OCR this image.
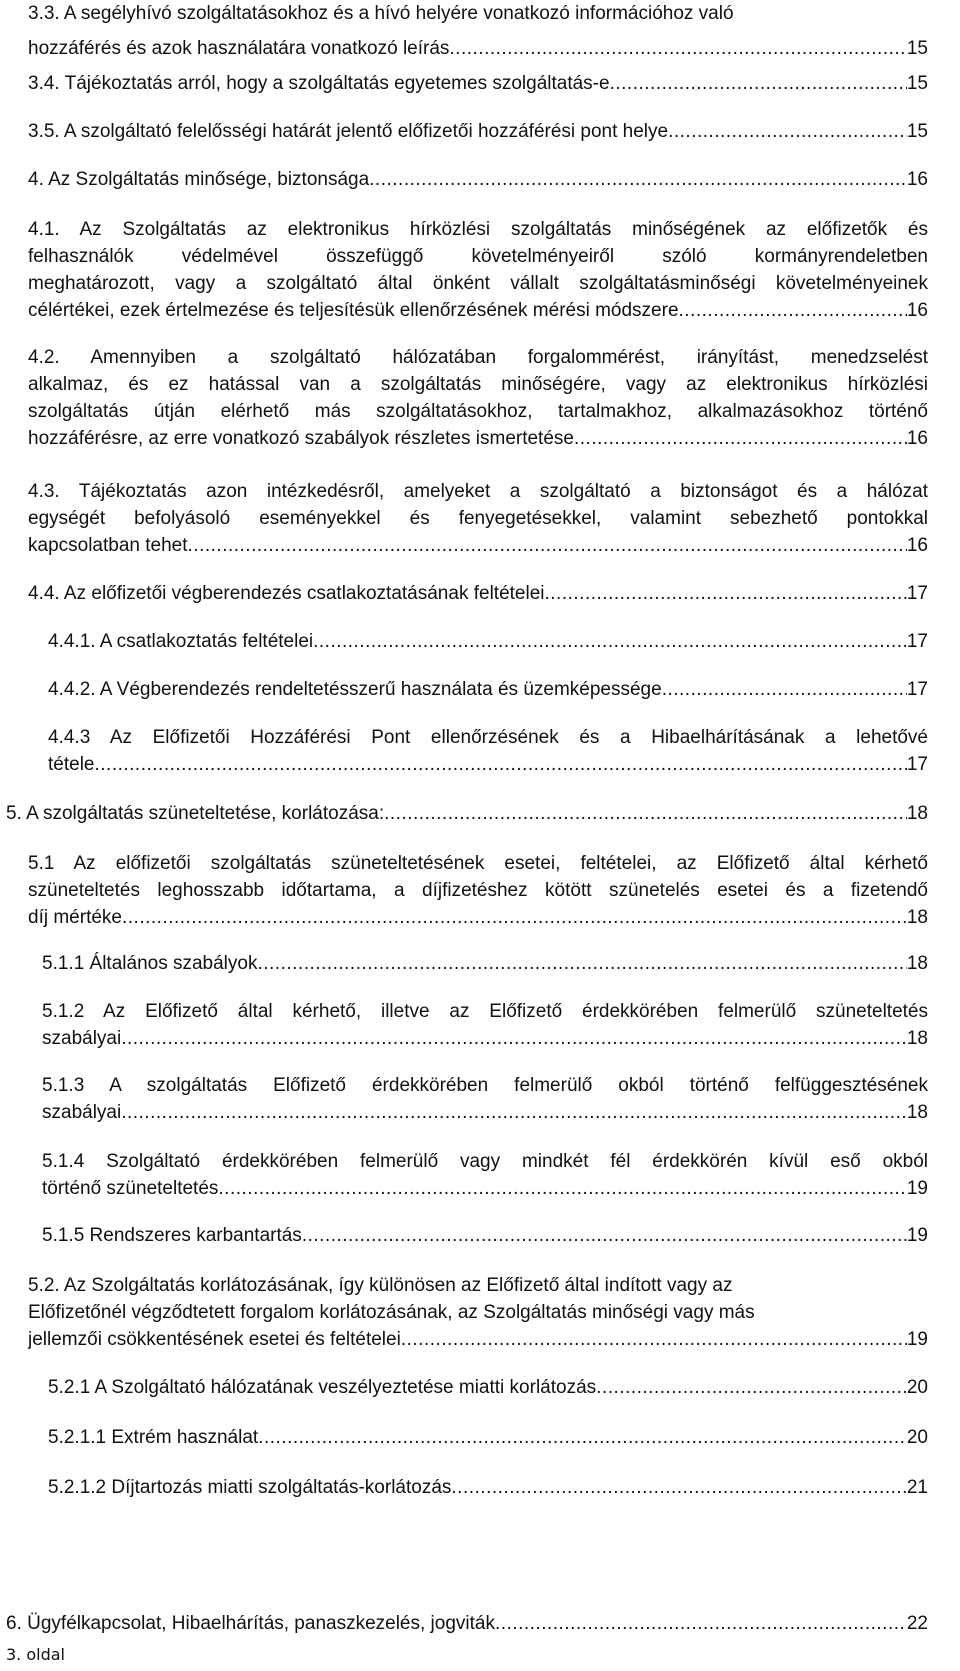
3.3. A segélyhívó szolgáltatásokhoz és a hívó helyére vonatkozó információhoz való
hozzáférés és azok használatára vonatkozó leírás .....	15
3.4. Tájékoztatás arról, hogy a szolgáltatás egyetemes szolgáltatás-e .....	15
3.5. A szolgáltató felelősségi határát jelentő előfizetői hozzáférési pont helye .....	15
4. Az Szolgáltatás minősége, biztonsága .....	16
4.1. Az Szolgáltatás az elektronikus hírközlési szolgáltatás minőségének az előfizetők és
felhasználók védelmével összefüggő követelményeiről szóló kormányrendeletben
meghatározott, vagy a szolgáltató által önként vállalt szolgáltatásminőségi követelményeinek
célértékei, ezek értelmezése és teljesítésük ellenőrzésének mérési módszere .....	16
4.2. Amennyiben a szolgáltató hálózatában forgalommérést, irányítást, menedzselést
alkalmaz, és ez hatással van a szolgáltatás minőségére, vagy az elektronikus hírközlési
szolgáltatás útján elérhető más szolgáltatásokhoz, tartalmakhoz, alkalmazásokhoz történő
hozzáférésre, az erre vonatkozó szabályok részletes ismertetése .....	16
4.3. Tájékoztatás azon intézkedésről, amelyeket a szolgáltató a biztonságot és a hálózat
egységét befolyásoló eseményekkel és fenyegetésekkel, valamint sebezhető pontokkal
kapcsolatban tehet .....	16
4.4. Az előfizetői végberendezés csatlakoztatásának feltételei .....	17
4.4.1. A csatlakoztatás feltételei .....	17
4.4.2. A Végberendezés rendeltetésszerű használata és üzemképessége .....	17
4.4.3 Az Előfizetői Hozzáférési Pont ellenőrzésének és a Hibaelhárításának a lehetővé
tétele .....	17
5. A szolgáltatás szüneteltetése, korlátozása: .....	18
5.1 Az előfizetői szolgáltatás szüneteltetésének esetei, feltételei, az Előfizető által kérhető
szüneteltetés leghosszabb időtartama, a díjfizetéshez kötött szünetelés esetei és a fizetendő
díj mértéke .....	18
5.1.1 Általános szabályok .....	18
5.1.2 Az Előfizető által kérhető, illetve az Előfizető érdekkörében felmerülő szüneteltetés
szabályai .....	18
5.1.3 A szolgáltatás Előfizető érdekkörében felmerülő okból történő felfüggesztésének
szabályai .....	18
5.1.4 Szolgáltató érdekkörében felmerülő vagy mindkét fél érdekkörén kívül eső okból
történő szüneteltetés .....	19
5.1.5 Rendszeres karbantartás .....	19
5.2. Az Szolgáltatás korlátozásának, így különösen az Előfizető által indított vagy az
Előfizetőnél végződtetett forgalom korlátozásának, az Szolgáltatás minőségi vagy más
jellemzői csökkentésének esetei és feltételei .....	19
5.2.1 A Szolgáltató hálózatának veszélyeztetése miatti korlátozás .....	20
5.2.1.1 Extrém használat .....	20
5.2.1.2 Díjtartozás miatti szolgáltatás-korlátozás .....	21
6. Ügyfélkapcsolat, Hibaelhárítás, panaszkezelés, jogviták .....	22
3. oldal
